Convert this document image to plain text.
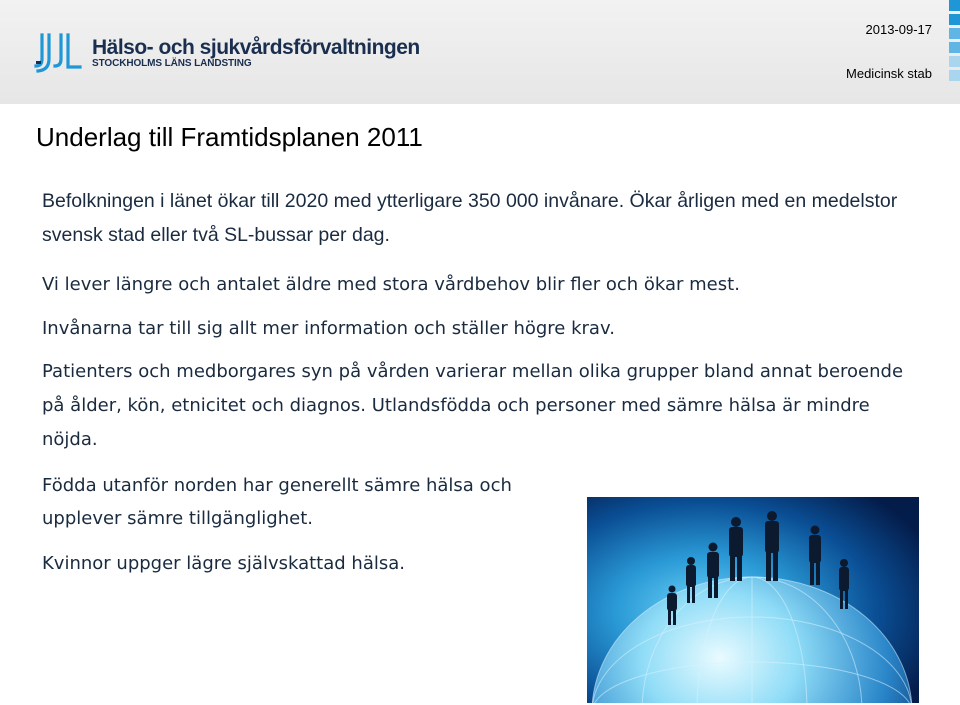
Hälso- och sjukvårdsförvaltningen
STOCKHOLMS LÄNS LANDSTING
2013-09-17
Medicinsk stab
Underlag till Framtidsplanen 2011

Befolkningen i länet ökar till 2020 med ytterligare 350 000 invånare. Ökar årligen med en medelstor svensk stad eller två SL-bussar per dag.

Vi lever längre och antalet äldre med stora vårdbehov blir fler och ökar mest.

Invånarna tar till sig allt mer information och ställer högre krav.

Patienters och medborgares syn på vården varierar mellan olika grupper bland annat beroende på ålder, kön, etnicitet och diagnos. Utlandsfödda och personer med sämre hälsa är mindre nöjda.

Födda utanför norden har generellt sämre hälsa och upplever sämre tillgänglighet.

Kvinnor uppger lägre självskattad hälsa.
